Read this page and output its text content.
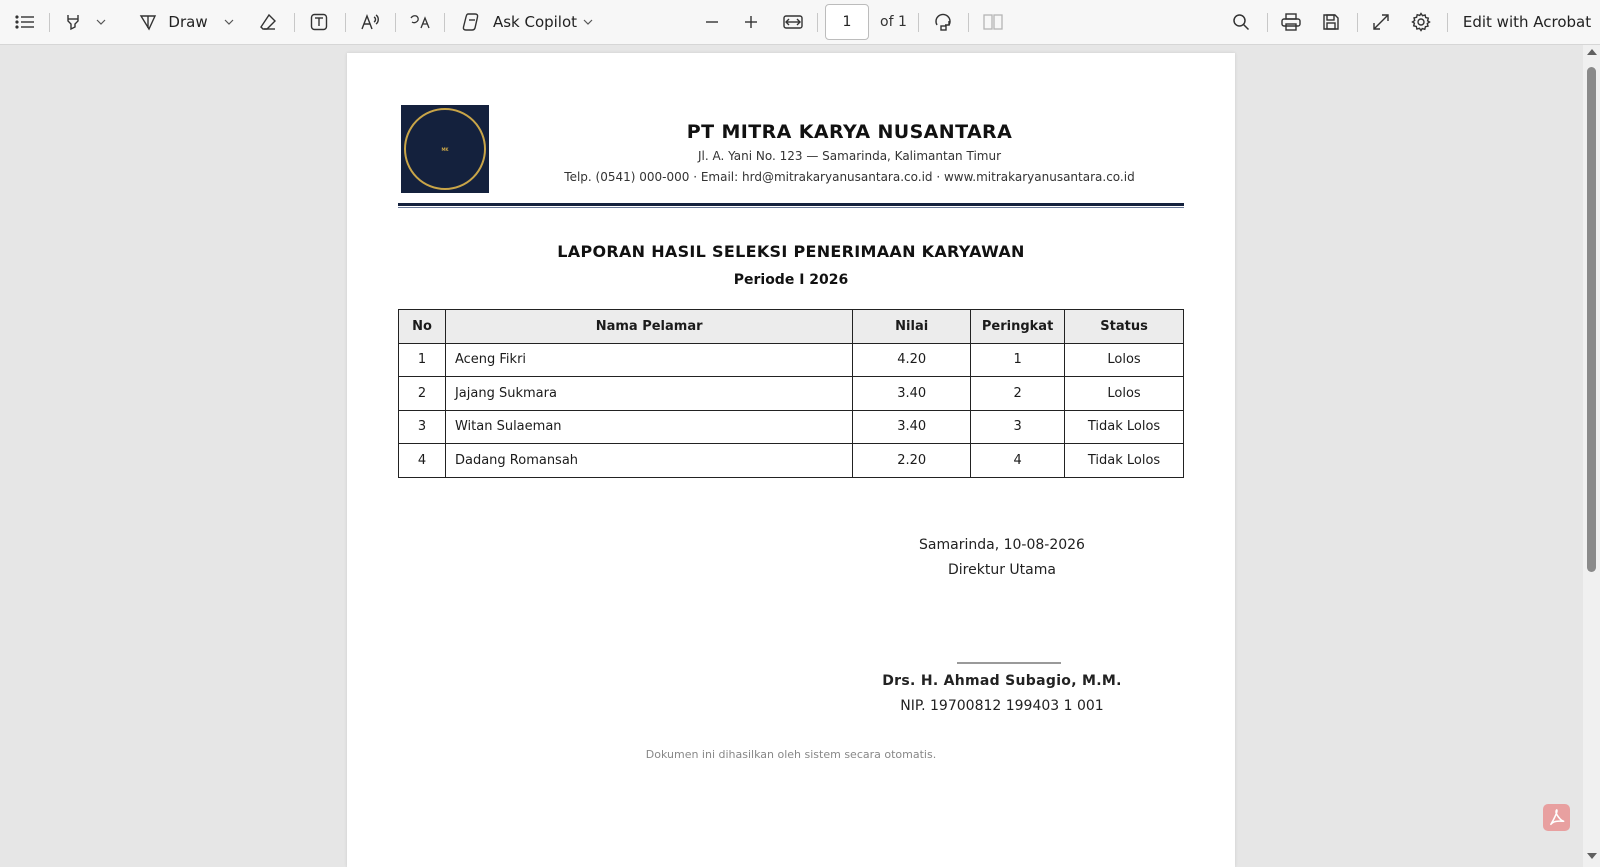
Draw	Ask Copilot	1	of 1	Edit with Acrobat
MK
PT MITRA KARYA NUSANTARA
Jl. A. Yani No. 123 — Samarinda, Kalimantan Timur
Telp. (0541) 000-000 · Email: hrd@mitrakaryanusantara.co.id · www.mitrakaryanusantara.co.id
LAPORAN HASIL SELEKSI PENERIMAAN KARYAWAN
Periode I 2026
No	Nama Pelamar	Nilai	Peringkat	Status
1	Aceng Fikri	4.20	1	Lolos
2	Jajang Sukmara	3.40	2	Lolos
3	Witan Sulaeman	3.40	3	Tidak Lolos
4	Dadang Romansah	2.20	4	Tidak Lolos
Samarinda, 10-08-2026
Direktur Utama
Drs. H. Ahmad Subagio, M.M.
NIP. 19700812 199403 1 001
Dokumen ini dihasilkan oleh sistem secara otomatis.
